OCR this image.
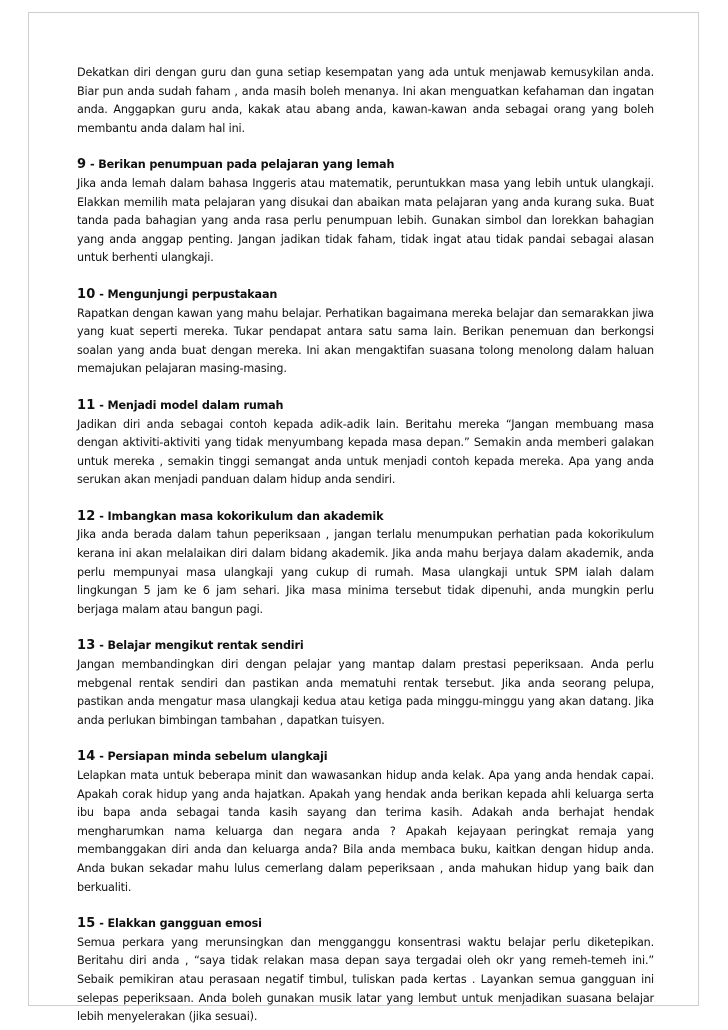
Dekatkan diri dengan guru dan guna setiap kesempatan yang ada untuk menjawab kemusykilan anda. Biar pun anda sudah faham , anda masih boleh menanya. Ini akan menguatkan kefahaman dan ingatan anda. Anggapkan guru anda, kakak atau abang anda, kawan-kawan anda sebagai orang yang boleh membantu anda dalam hal ini.

9 - Berikan penumpuan pada pelajaran yang lemah

Jika anda lemah dalam bahasa Inggeris atau matematik, peruntukkan masa yang lebih untuk ulangkaji. Elakkan memilih mata pelajaran yang disukai dan abaikan mata pelajaran yang anda kurang suka. Buat tanda pada bahagian yang anda rasa perlu penumpuan lebih. Gunakan simbol dan lorekkan bahagian yang anda anggap penting. Jangan jadikan tidak faham, tidak ingat atau tidak pandai sebagai alasan untuk berhenti ulangkaji.

10 - Mengunjungi perpustakaan

Rapatkan dengan kawan yang mahu belajar. Perhatikan bagaimana mereka belajar dan semarakkan jiwa yang kuat seperti mereka. Tukar pendapat antara satu sama lain. Berikan penemuan dan berkongsi soalan yang anda buat dengan mereka. Ini akan mengaktifan suasana tolong menolong dalam haluan memajukan pelajaran masing-masing.

11 - Menjadi model dalam rumah

Jadikan diri anda sebagai contoh kepada adik-adik lain. Beritahu mereka “Jangan membuang masa dengan aktiviti-aktiviti yang tidak menyumbang kepada masa depan.” Semakin anda memberi galakan untuk mereka , semakin tinggi semangat anda untuk menjadi contoh kepada mereka. Apa yang anda serukan akan menjadi panduan dalam hidup anda sendiri.

12 - Imbangkan masa kokorikulum dan akademik

Jika anda berada dalam tahun peperiksaan , jangan terlalu menumpukan perhatian pada kokorikulum kerana ini akan melalaikan diri dalam bidang akademik. Jika anda mahu berjaya dalam akademik, anda perlu mempunyai masa ulangkaji yang cukup di rumah. Masa ulangkaji untuk SPM ialah dalam lingkungan 5 jam ke 6 jam sehari. Jika masa minima tersebut tidak dipenuhi, anda mungkin perlu berjaga malam atau bangun pagi.

13 - Belajar mengikut rentak sendiri

Jangan membandingkan diri dengan pelajar yang mantap dalam prestasi peperiksaan. Anda perlu mebgenal rentak sendiri dan pastikan anda mematuhi rentak tersebut. Jika anda seorang pelupa, pastikan anda mengatur masa ulangkaji kedua atau ketiga pada minggu-minggu yang akan datang. Jika anda perlukan bimbingan tambahan , dapatkan tuisyen.

14 - Persiapan minda sebelum ulangkaji

Lelapkan mata untuk beberapa minit dan wawasankan hidup anda kelak. Apa yang anda hendak capai. Apakah corak hidup yang anda hajatkan. Apakah yang hendak anda berikan kepada ahli keluarga serta ibu bapa anda sebagai tanda kasih sayang dan terima kasih. Adakah anda berhajat hendak mengharumkan nama keluarga dan negara anda ? Apakah kejayaan peringkat remaja yang membanggakan diri anda dan keluarga anda? Bila anda membaca buku, kaitkan dengan hidup anda. Anda bukan sekadar mahu lulus cemerlang dalam peperiksaan , anda mahukan hidup yang baik dan berkualiti.

15 - Elakkan gangguan emosi

Semua perkara yang merunsingkan dan mengganggu konsentrasi waktu belajar perlu diketepikan. Beritahu diri anda , “saya tidak relakan masa depan saya tergadai oleh okr yang remeh-temeh ini.” Sebaik pemikiran atau perasaan negatif timbul, tuliskan pada kertas . Layankan semua gangguan ini selepas peperiksaan. Anda boleh gunakan musik latar yang lembut untuk menjadikan suasana belajar lebih menyelerakan (jika sesuai).
